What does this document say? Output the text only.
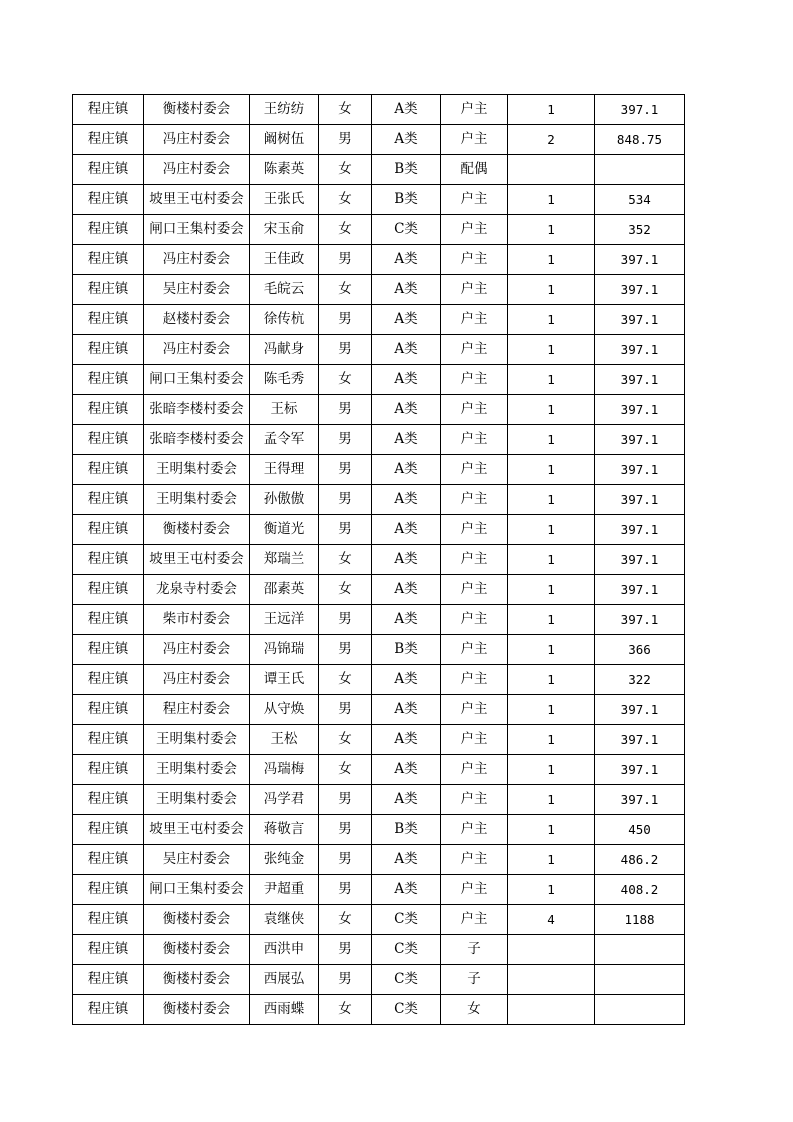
程庄镇	衡楼村委会	王纺纺	女	A类	户主	1	397.1
程庄镇	冯庄村委会	阚树伍	男	A类	户主	2	848.75
程庄镇	冯庄村委会	陈素英	女	B类	配偶		
程庄镇	坡里王屯村委会	王张氏	女	B类	户主	1	534
程庄镇	闸口王集村委会	宋玉俞	女	C类	户主	1	352
程庄镇	冯庄村委会	王佳政	男	A类	户主	1	397.1
程庄镇	吴庄村委会	毛皖云	女	A类	户主	1	397.1
程庄镇	赵楼村委会	徐传杭	男	A类	户主	1	397.1
程庄镇	冯庄村委会	冯献身	男	A类	户主	1	397.1
程庄镇	闸口王集村委会	陈毛秀	女	A类	户主	1	397.1
程庄镇	张暗李楼村委会	王标	男	A类	户主	1	397.1
程庄镇	张暗李楼村委会	孟令军	男	A类	户主	1	397.1
程庄镇	王明集村委会	王得理	男	A类	户主	1	397.1
程庄镇	王明集村委会	孙傲傲	男	A类	户主	1	397.1
程庄镇	衡楼村委会	衡道光	男	A类	户主	1	397.1
程庄镇	坡里王屯村委会	郑瑞兰	女	A类	户主	1	397.1
程庄镇	龙泉寺村委会	邵素英	女	A类	户主	1	397.1
程庄镇	柴市村委会	王远洋	男	A类	户主	1	397.1
程庄镇	冯庄村委会	冯锦瑞	男	B类	户主	1	366
程庄镇	冯庄村委会	谭王氏	女	A类	户主	1	322
程庄镇	程庄村委会	从守焕	男	A类	户主	1	397.1
程庄镇	王明集村委会	王松	女	A类	户主	1	397.1
程庄镇	王明集村委会	冯瑞梅	女	A类	户主	1	397.1
程庄镇	王明集村委会	冯学君	男	A类	户主	1	397.1
程庄镇	坡里王屯村委会	蒋敬言	男	B类	户主	1	450
程庄镇	吴庄村委会	张纯金	男	A类	户主	1	486.2
程庄镇	闸口王集村委会	尹超重	男	A类	户主	1	408.2
程庄镇	衡楼村委会	袁继侠	女	C类	户主	4	1188
程庄镇	衡楼村委会	西洪申	男	C类	子		
程庄镇	衡楼村委会	西展弘	男	C类	子		
程庄镇	衡楼村委会	西雨蝶	女	C类	女		
